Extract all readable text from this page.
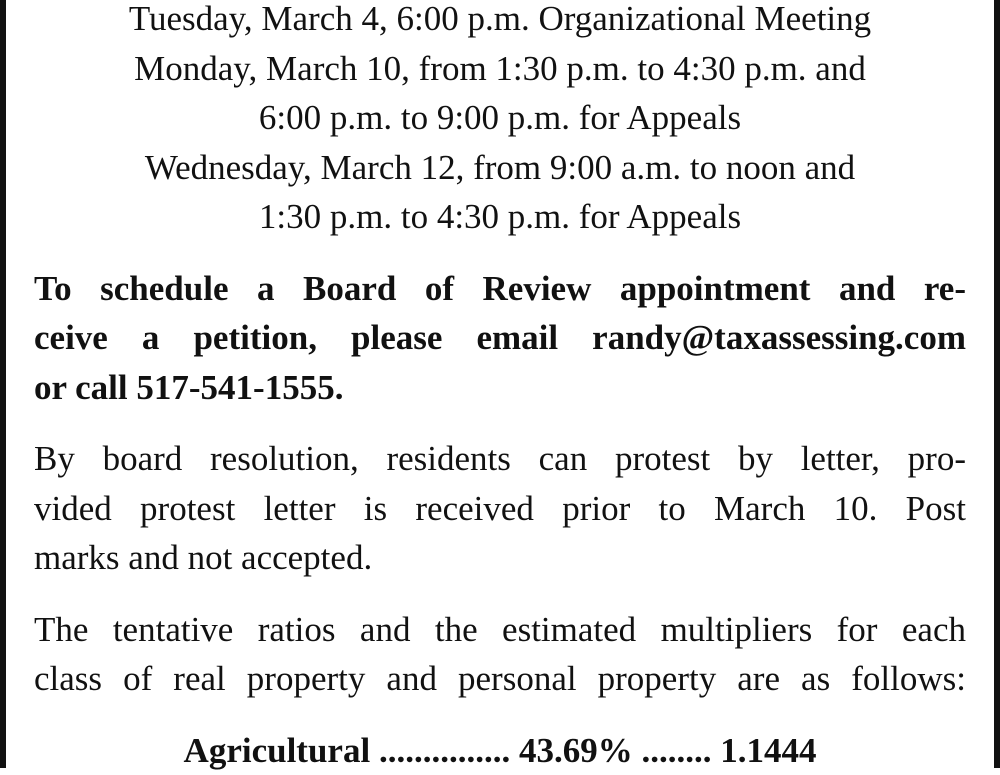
Tuesday, March 4, 6:00 p.m. Organizational Meeting
Monday, March 10, from 1:30 p.m. to 4:30 p.m. and
6:00 p.m. to 9:00 p.m. for Appeals
Wednesday, March 12, from 9:00 a.m. to noon and
1:30 p.m. to 4:30 p.m. for Appeals

To schedule a Board of Review appointment and re-
ceive a petition, please email randy@taxassessing.com
or call 517-541-1555.

By board resolution, residents can protest by letter, pro-
vided protest letter is received prior to March 10. Post
marks and not accepted.

The tentative ratios and the estimated multipliers for each
class of real property and personal property are as follows:

Agricultural ............... 43.69% ........ 1.1444
